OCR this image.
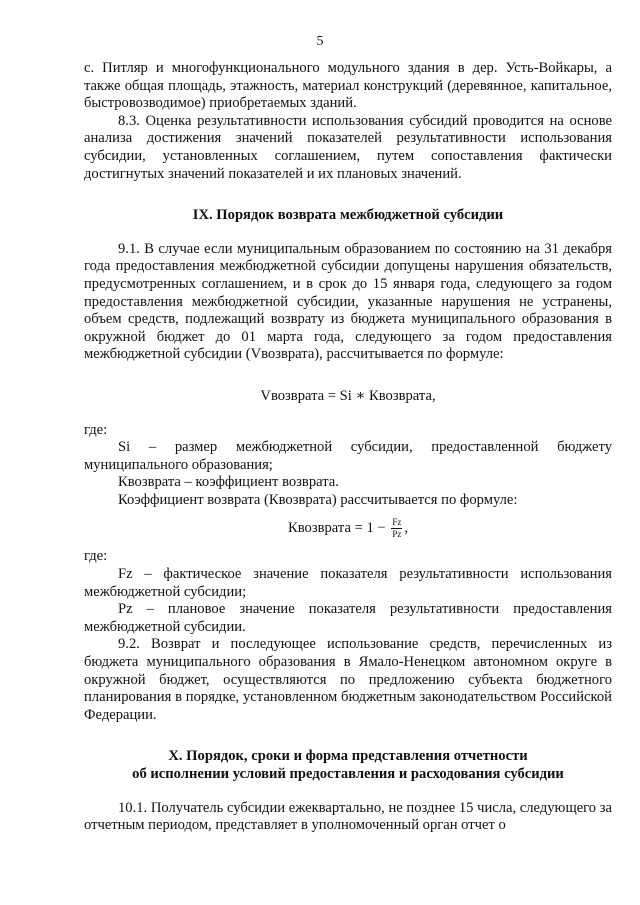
5

с. Питляр и многофункционального модульного здания в дер. Усть-Войкары, а также общая площадь, этажность, материал конструкций (деревянное, капитальное, быстровозводимое) приобретаемых зданий.

8.3. Оценка результативности использования субсидий проводится на основе анализа достижения значений показателей результативности использования субсидии, установленных соглашением, путем сопоставления фактически достигнутых значений показателей и их плановых значений.

IX. Порядок возврата межбюджетной субсидии

9.1. В случае если муниципальным образованием по состоянию на 31 декабря года предоставления межбюджетной субсидии допущены нарушения обязательств, предусмотренных соглашением, и в срок до 15 января года, следующего за годом предоставления межбюджетной субсидии, указанные нарушения не устранены, объем средств, подлежащий возврату из бюджета муниципального образования в окружной бюджет до 01 марта года, следующего за годом предоставления межбюджетной субсидии (Vвозврата), рассчитывается по формуле:

Vвозврата = Si ∗ Квозврата,

где:

Si – размер межбюджетной субсидии, предоставленной бюджету муниципального образования;

Квозврата – коэффициент возврата.

Коэффициент возврата (Квозврата) рассчитывается по формуле:

Квозврата = $1 - \frac{Fz}{Pz}$ ,

где:

Fz – фактическое значение показателя результативности использования межбюджетной субсидии;

Pz – плановое значение показателя результативности предоставления межбюджетной субсидии.

9.2. Возврат и последующее использование средств, перечисленных из бюджета муниципального образования в Ямало-Ненецком автономном округе в окружной бюджет, осуществляются по предложению субъекта бюджетного планирования в порядке, установленном бюджетным законодательством Российской Федерации.

X. Порядок, сроки и форма представления отчетности

об исполнении условий предоставления и расходования субсидии

10.1. Получатель субсидии ежеквартально, не позднее 15 числа, следующего за отчетным периодом, представляет в уполномоченный орган отчет о
